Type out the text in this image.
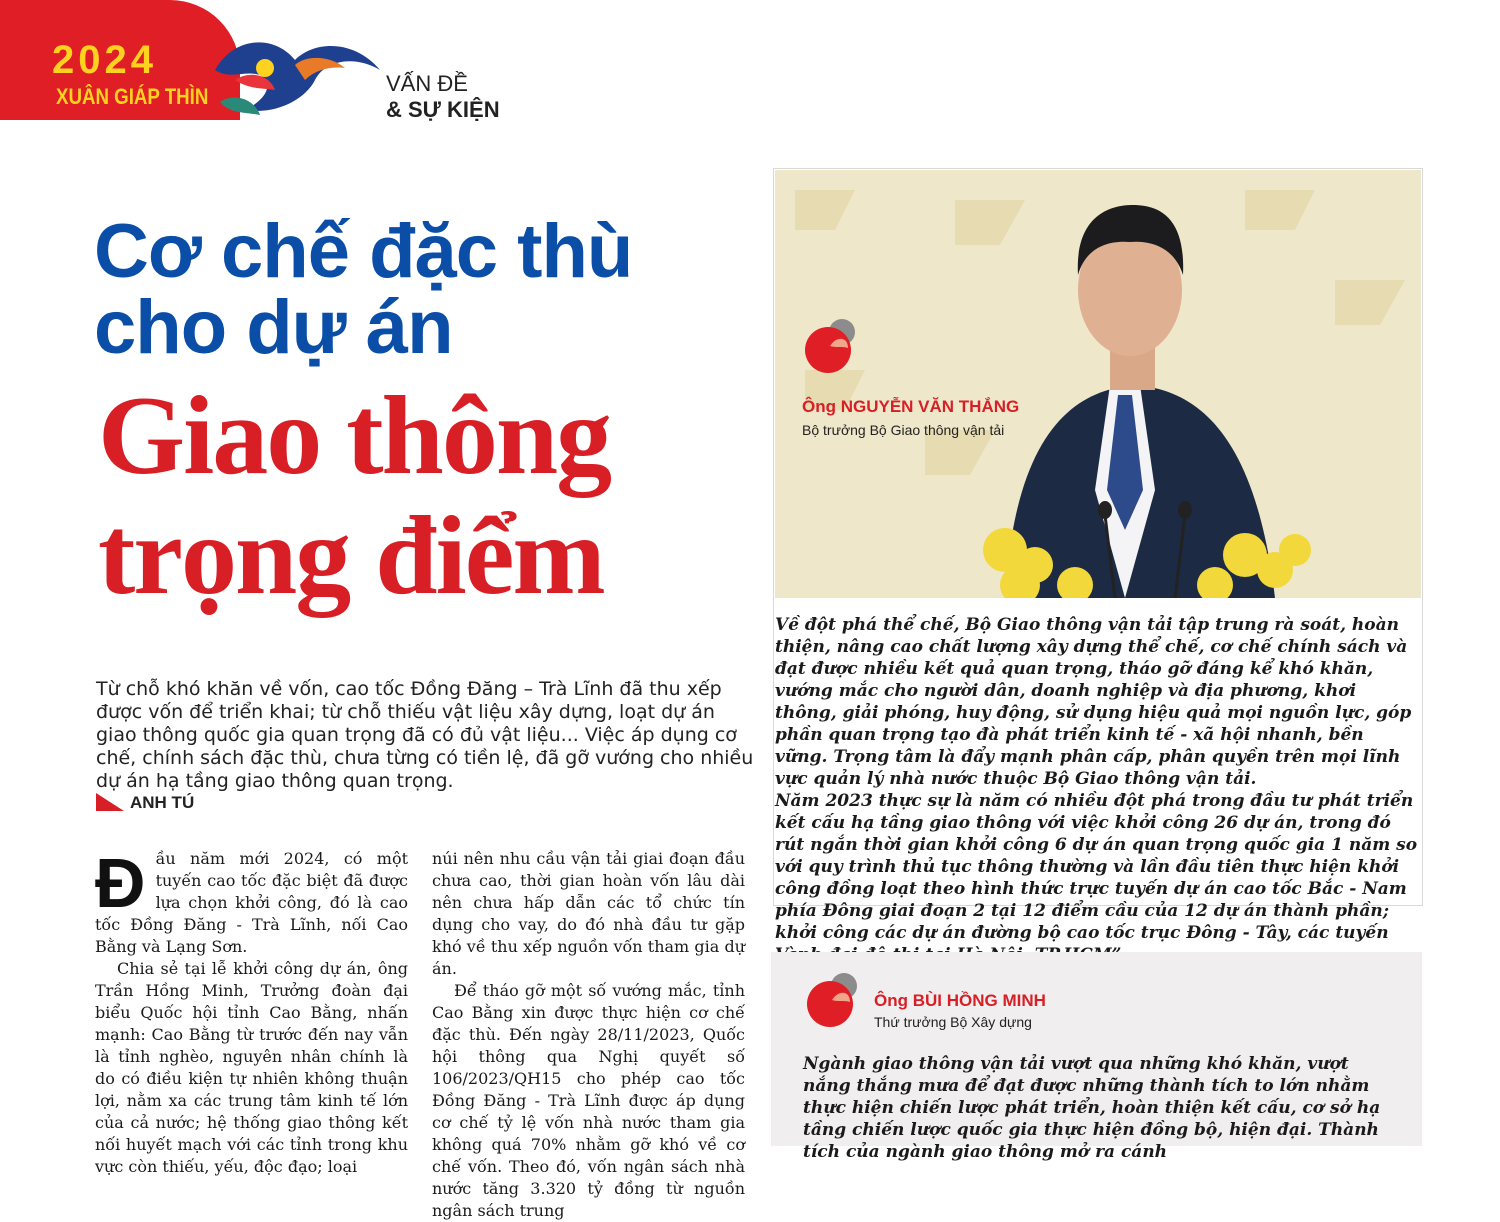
2024
XUÂN GIÁP THÌN
VẤN ĐỀ
& SỰ KIỆN
Cơ chế đặc thù
cho dự án
Giao thông
trọng điểm
Từ chỗ khó khăn về vốn, cao tốc Đồng Đăng – Trà Lĩnh đã thu xếp được vốn để triển khai; từ chỗ thiếu vật liệu xây dựng, loạt dự án giao thông quốc gia quan trọng đã có đủ vật liệu... Việc áp dụng cơ chế, chính sách đặc thù, chưa từng có tiền lệ, đã gỡ vướng cho nhiều dự án hạ tầng giao thông quan trọng.
ANH TÚ

Đầu năm mới 2024, có một tuyến cao tốc đặc biệt đã được lựa chọn khởi công, đó là cao tốc Đồng Đăng - Trà Lĩnh, nối Cao Bằng và Lạng Sơn.

Chia sẻ tại lễ khởi công dự án, ông Trần Hồng Minh, Trưởng đoàn đại biểu Quốc hội tỉnh Cao Bằng, nhấn mạnh: Cao Bằng từ trước đến nay vẫn là tỉnh nghèo, nguyên nhân chính là do có điều kiện tự nhiên không thuận lợi, nằm xa các trung tâm kinh tế lớn của cả nước; hệ thống giao thông kết nối huyết mạch với các tỉnh trong khu vực còn thiếu, yếu, độc đạo; loại

núi nên nhu cầu vận tải giai đoạn đầu chưa cao, thời gian hoàn vốn lâu dài nên chưa hấp dẫn các tổ chức tín dụng cho vay, do đó nhà đầu tư gặp khó về thu xếp nguồn vốn tham gia dự án.

Để tháo gỡ một số vướng mắc, tỉnh Cao Bằng xin được thực hiện cơ chế đặc thù. Đến ngày 28/11/2023, Quốc hội thông qua Nghị quyết số 106/2023/QH15 cho phép cao tốc Đồng Đăng - Trà Lĩnh được áp dụng cơ chế tỷ lệ vốn nhà nước tham gia không quá 70% nhằm gỡ khó về cơ chế vốn. Theo đó, vốn ngân sách nhà nước tăng 3.320 tỷ đồng từ nguồn ngân sách trung

Ông NGUYỄN VĂN THẮNG
Bộ trưởng Bộ Giao thông vận tải

Về đột phá thể chế, Bộ Giao thông vận tải tập trung rà soát, hoàn thiện, nâng cao chất lượng xây dựng thể chế, cơ chế chính sách và đạt được nhiều kết quả quan trọng, tháo gỡ đáng kể khó khăn, vướng mắc cho người dân, doanh nghiệp và địa phương, khơi thông, giải phóng, huy động, sử dụng hiệu quả mọi nguồn lực, góp phần quan trọng tạo đà phát triển kinh tế - xã hội nhanh, bền vững. Trọng tâm là đẩy mạnh phân cấp, phân quyền trên mọi lĩnh vực quản lý nhà nước thuộc Bộ Giao thông vận tải.

Năm 2023 thực sự là năm có nhiều đột phá trong đầu tư phát triển kết cấu hạ tầng giao thông với việc khởi công 26 dự án, trong đó rút ngắn thời gian khởi công 6 dự án quan trọng quốc gia 1 năm so với quy trình thủ tục thông thường và lần đầu tiên thực hiện khởi công đồng loạt theo hình thức trực tuyến dự án cao tốc Bắc - Nam phía Đông giai đoạn 2 tại 12 điểm cầu của 12 dự án thành phần; khởi công các dự án đường bộ cao tốc trục Đông - Tây, các tuyến

Ông BÙI HỒNG MINH
Thứ trưởng Bộ Xây dựng
Ngành giao thông vận tải vượt qua những khó khăn, vượt nắng thắng mưa để đạt được những thành tích to lớn nhằm thực hiện chiến lược phát triển, hoàn thiện kết cấu, cơ sở hạ tầng chiến lược quốc gia thực hiện đồng bộ, hiện đại. Thành tích của ngành giao thông mở ra cánh
